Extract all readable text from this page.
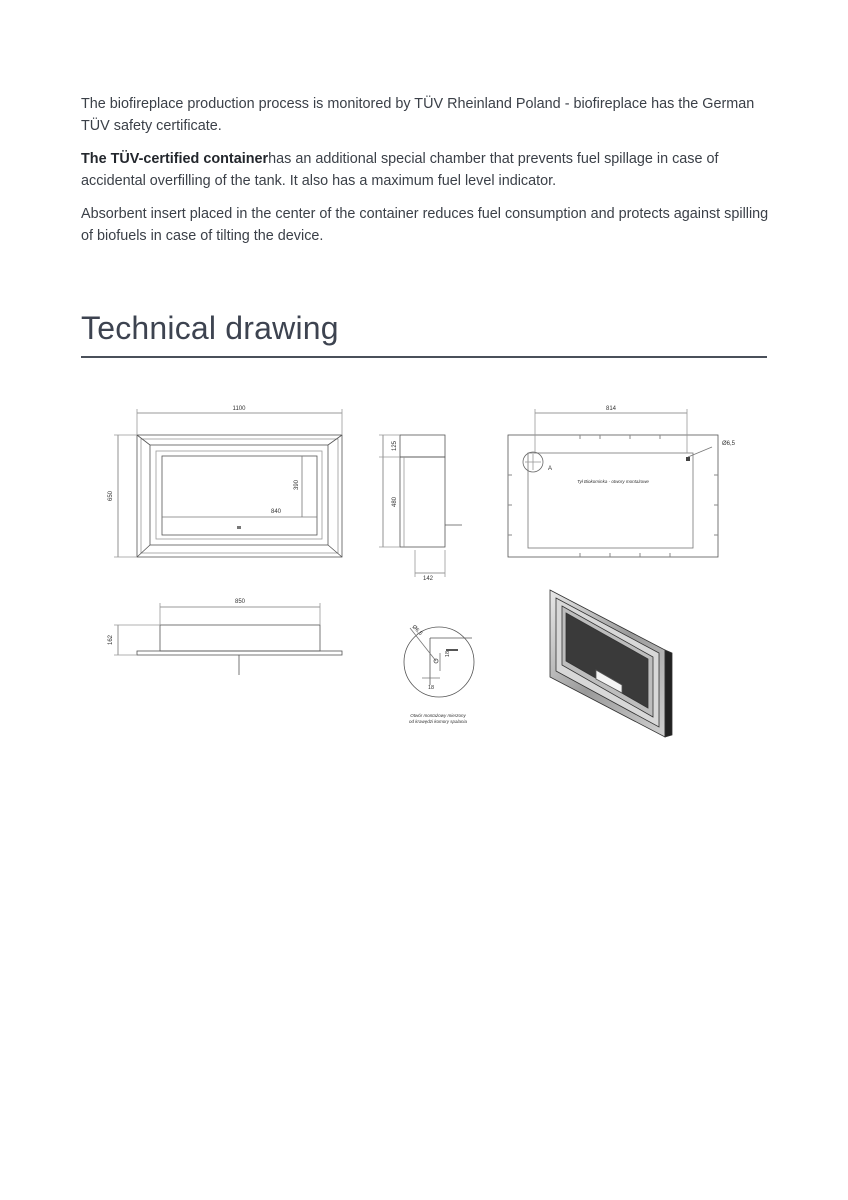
The biofireplace production process is monitored by TÜV Rheinland Poland - biofireplace has the German TÜV safety certificate.

The TÜV-certified containerhas an additional special chamber that prevents fuel spillage in case of accidental overfilling of the tank. It also has a maximum fuel level indicator.

Absorbent insert placed in the center of the container reduces fuel consumption and protects against spilling of biofuels in case of tilting the device.

Technical drawing
1100
650
840
390
125
480
142
814
Ø6,5
A
Tył Biokominka - otwory montażowe
850
162
Ø6,5
18
18
Otwór montażowy mierzony
od krawędzi komory spalania
